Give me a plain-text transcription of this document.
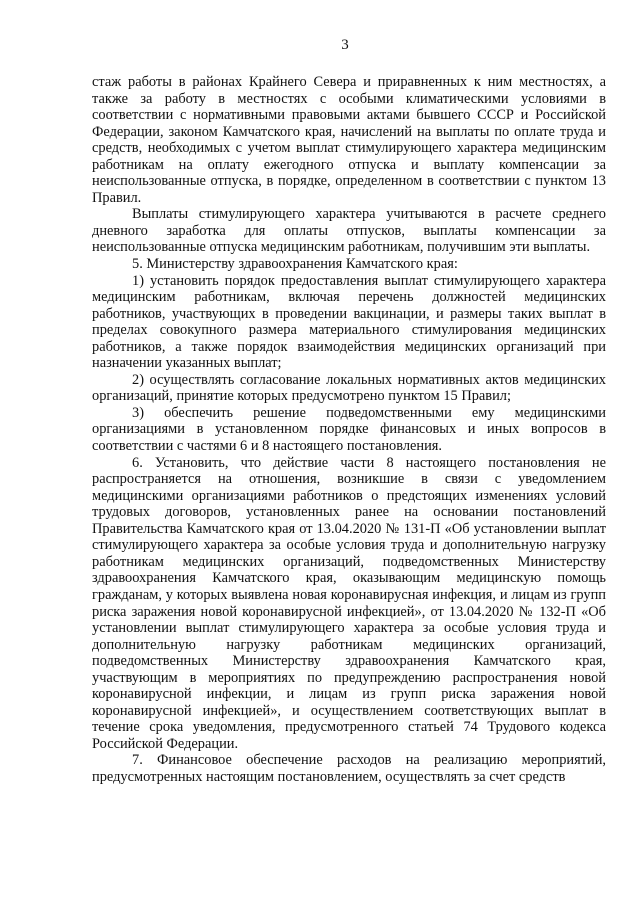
3

стаж работы в районах Крайнего Севера и приравненных к ним местностях, а также за работу в местностях с особыми климатическими условиями в соответствии с нормативными правовыми актами бывшего СССР и Российской Федерации, законом Камчатского края, начислений на выплаты по оплате труда и средств, необходимых с учетом выплат стимулирующего характера медицинским работникам на оплату ежегодного отпуска и выплату компенсации за неиспользованные отпуска, в порядке, определенном в соответствии с пунктом 13 Правил.

Выплаты стимулирующего характера учитываются в расчете среднего дневного заработка для оплаты отпусков, выплаты компенсации за неиспользованные отпуска медицинским работникам, получившим эти выплаты.

5. Министерству здравоохранения Камчатского края:

1) установить порядок предоставления выплат стимулирующего характера медицинским работникам, включая перечень должностей медицинских работников, участвующих в проведении вакцинации, и размеры таких выплат в пределах совокупного размера материального стимулирования медицинских работников, а также порядок взаимодействия медицинских организаций при назначении указанных выплат;

2) осуществлять согласование локальных нормативных актов медицинских организаций, принятие которых предусмотрено пунктом 15 Правил;

3) обеспечить решение подведомственными ему медицинскими организациями в установленном порядке финансовых и иных вопросов в соответствии с частями 6 и 8 настоящего постановления.

6. Установить, что действие части 8 настоящего постановления не распространяется на отношения, возникшие в связи с уведомлением медицинскими организациями работников о предстоящих изменениях условий трудовых договоров, установленных ранее на основании постановлений Правительства Камчатского края от 13.04.2020 № 131-П «Об установлении выплат стимулирующего характера за особые условия труда и дополнительную нагрузку работникам медицинских организаций, подведомственных Министерству здравоохранения Камчатского края, оказывающим медицинскую помощь гражданам, у которых выявлена новая коронавирусная инфекция, и лицам из групп риска заражения новой коронавирусной инфекцией», от 13.04.2020 № 132-П «Об установлении выплат стимулирующего характера за особые условия труда и дополнительную нагрузку работникам медицинских организаций, подведомственных Министерству здравоохранения Камчатского края, участвующим в мероприятиях по предупреждению распространения новой коронавирусной инфекции, и лицам из групп риска заражения новой коронавирусной инфекцией», и осуществлением соответствующих выплат в течение срока уведомления, предусмотренного статьей 74 Трудового кодекса Российской Федерации.

7. Финансовое обеспечение расходов на реализацию мероприятий, предусмотренных настоящим постановлением, осуществлять за счет средств
